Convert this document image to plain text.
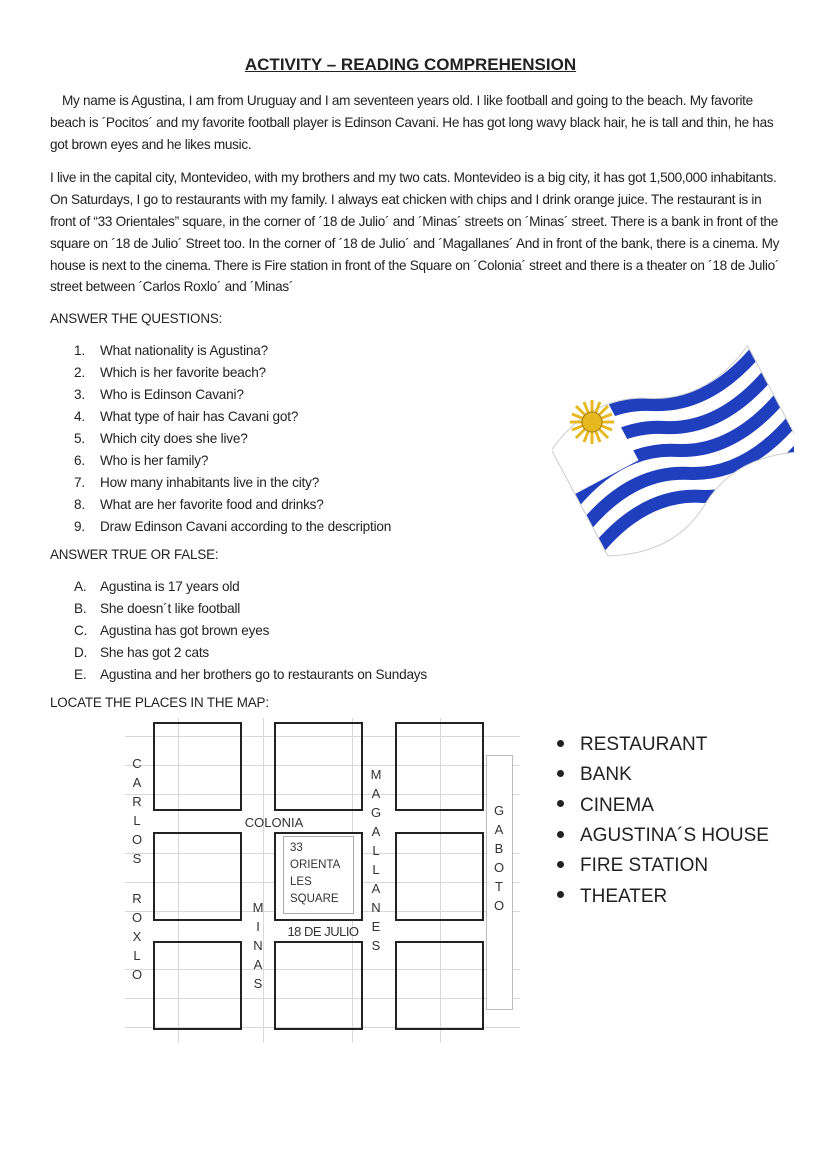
ACTIVITY – READING COMPREHENSION

My name is Agustina, I am from Uruguay and I am seventeen years old. I like football and going to the beach. My favorite beach is ´Pocitos´ and my favorite football player is Edinson Cavani. He has got long wavy black hair, he is tall and thin, he has got brown eyes and he likes music.

I live in the capital city, Montevideo, with my brothers and my two cats. Montevideo is a big city, it has got 1,500,000 inhabitants. On Saturdays, I go to restaurants with my family. I always eat chicken with chips and I drink orange juice. The restaurant is in front of “33 Orientales” square, in the corner of ´18 de Julio´ and ´Minas´ streets on ´Minas´ street. There is a bank in front of the square on ´18 de Julio´ Street too. In the corner of ´18 de Julio´ and ´Magallanes´ And in front of the bank, there is a cinema. My house is next to the cinema. There is Fire station in front of the Square on ´Colonia´ street and there is a theater on ´18 de Julio´ street between ´Carlos Roxlo´ and ´Minas´

ANSWER THE QUESTIONS:
1. What nationality is Agustina?
2. Which is her favorite beach?
3. Who is Edinson Cavani?
4. What type of hair has Cavani got?
5. Which city does she live?
6. Who is her family?
7. How many inhabitants live in the city?
8. What are her favorite food and drinks?
9. Draw Edinson Cavani according to the description
ANSWER TRUE OR FALSE:
A. Agustina is 17 years old
B. She doesn´t like football
C. Agustina has got brown eyes
D. She has got 2 cats
E. Agustina and her brothers go to restaurants on Sundays
LOCATE THE PLACES IN THE MAP:
C A R L O S
R O X L O
COLONIA
M I N A S
M A G A L L A N E S
G A B O T O
18 DE JULIO
33 ORIENTA LES SQUARE
RESTAURANT
BANK
CINEMA
AGUSTINA´S HOUSE
FIRE STATION
THEATER
